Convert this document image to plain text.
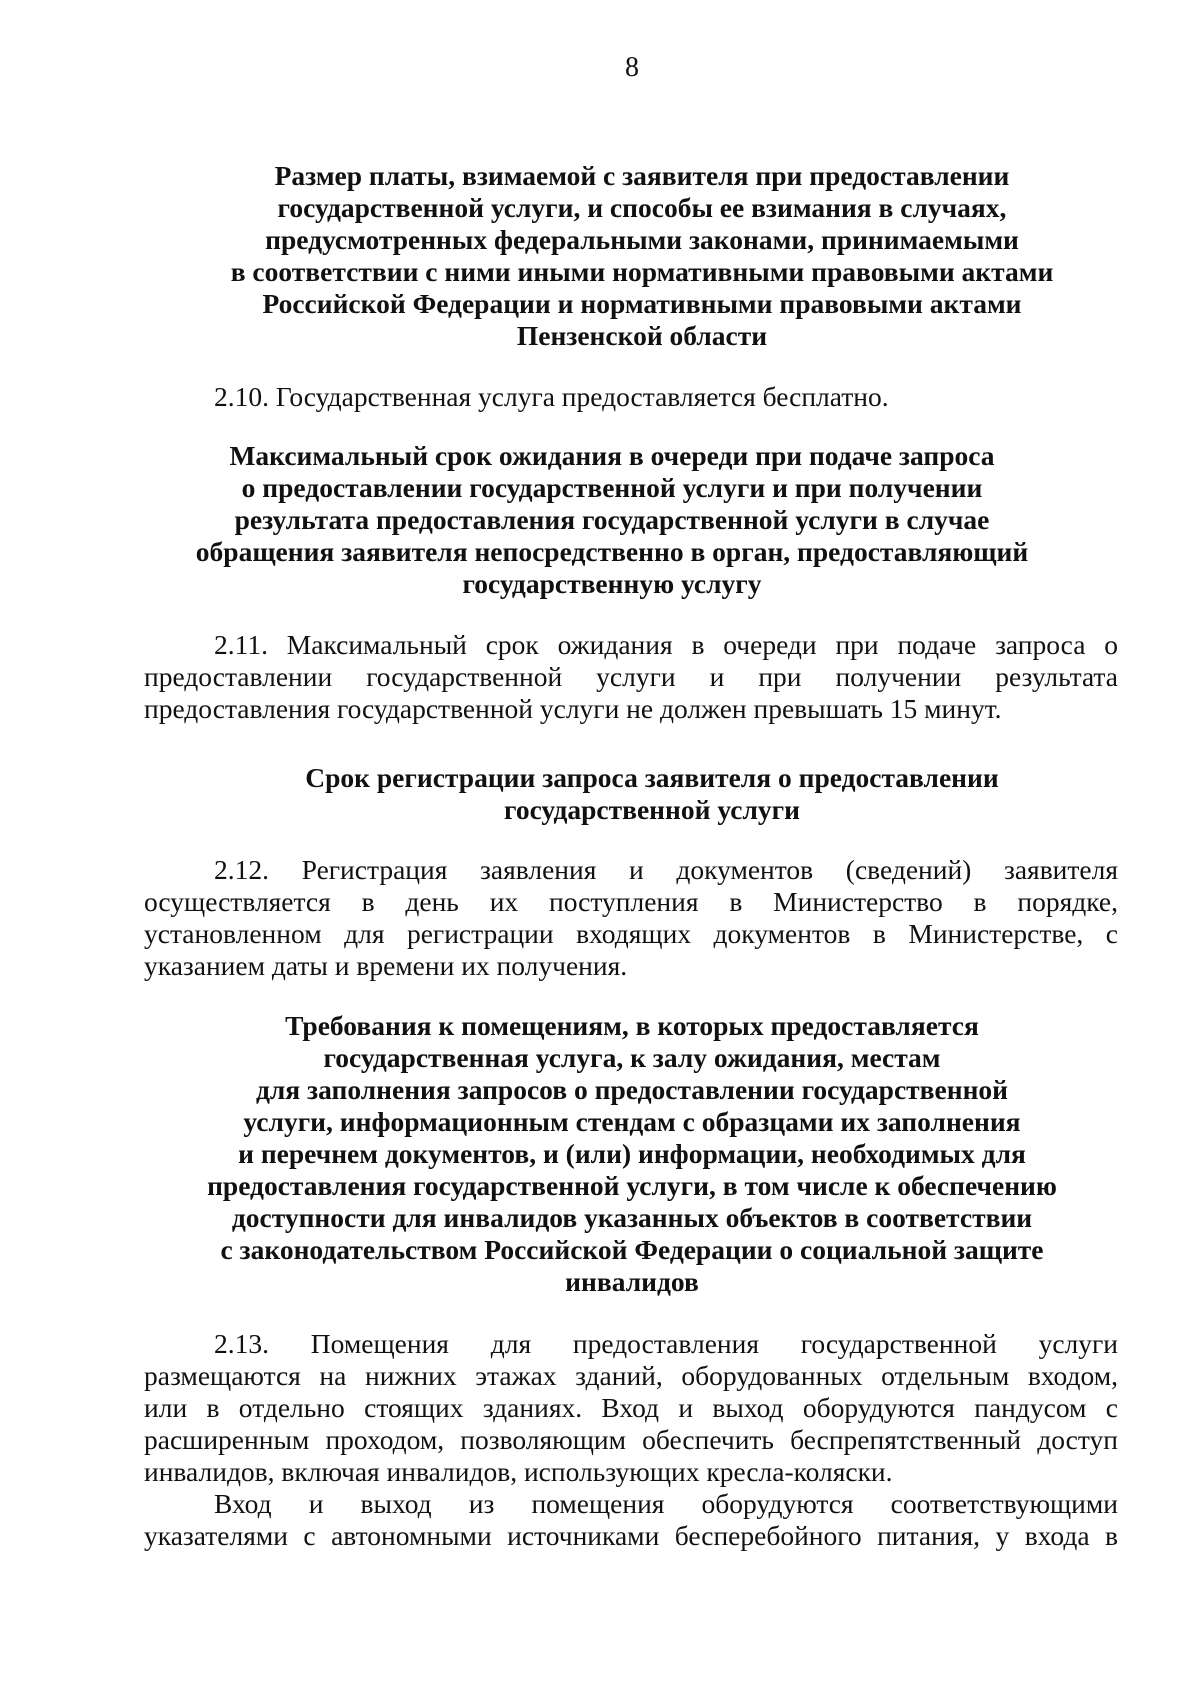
8
Размер платы, взимаемой с заявителя при предоставлении
государственной услуги, и способы ее взимания в случаях,
предусмотренных федеральными законами, принимаемыми
в соответствии с ними иными нормативными правовыми актами
Российской Федерации и нормативными правовыми актами
Пензенской области
2.10. Государственная услуга предоставляется бесплатно.
Максимальный срок ожидания в очереди при подаче запроса
о предоставлении государственной услуги и при получении
результата предоставления государственной услуги в случае
обращения заявителя непосредственно в орган, предоставляющий
государственную услугу
2.11. Максимальный срок ожидания в очереди при подаче запроса о
предоставлении государственной услуги и при получении результата
предоставления государственной услуги не должен превышать 15 минут.
Срок регистрации запроса заявителя о предоставлении
государственной услуги
2.12. Регистрация заявления и документов (сведений) заявителя
осуществляется в день их поступления в Министерство в порядке,
установленном для регистрации входящих документов в Министерстве, с
указанием даты и времени их получения.
Требования к помещениям, в которых предоставляется
государственная услуга, к залу ожидания, местам
для заполнения запросов о предоставлении государственной
услуги, информационным стендам с образцами их заполнения
и перечнем документов, и (или) информации, необходимых для
предоставления государственной услуги, в том числе к обеспечению
доступности для инвалидов указанных объектов в соответствии
с законодательством Российской Федерации о социальной защите
инвалидов
2.13. Помещения для предоставления государственной услуги
размещаются на нижних этажах зданий, оборудованных отдельным входом,
или в отдельно стоящих зданиях. Вход и выход оборудуются пандусом с
расширенным проходом, позволяющим обеспечить беспрепятственный доступ
инвалидов, включая инвалидов, использующих кресла-коляски.
Вход и выход из помещения оборудуются соответствующими
указателями с автономными источниками бесперебойного питания, у входа в
